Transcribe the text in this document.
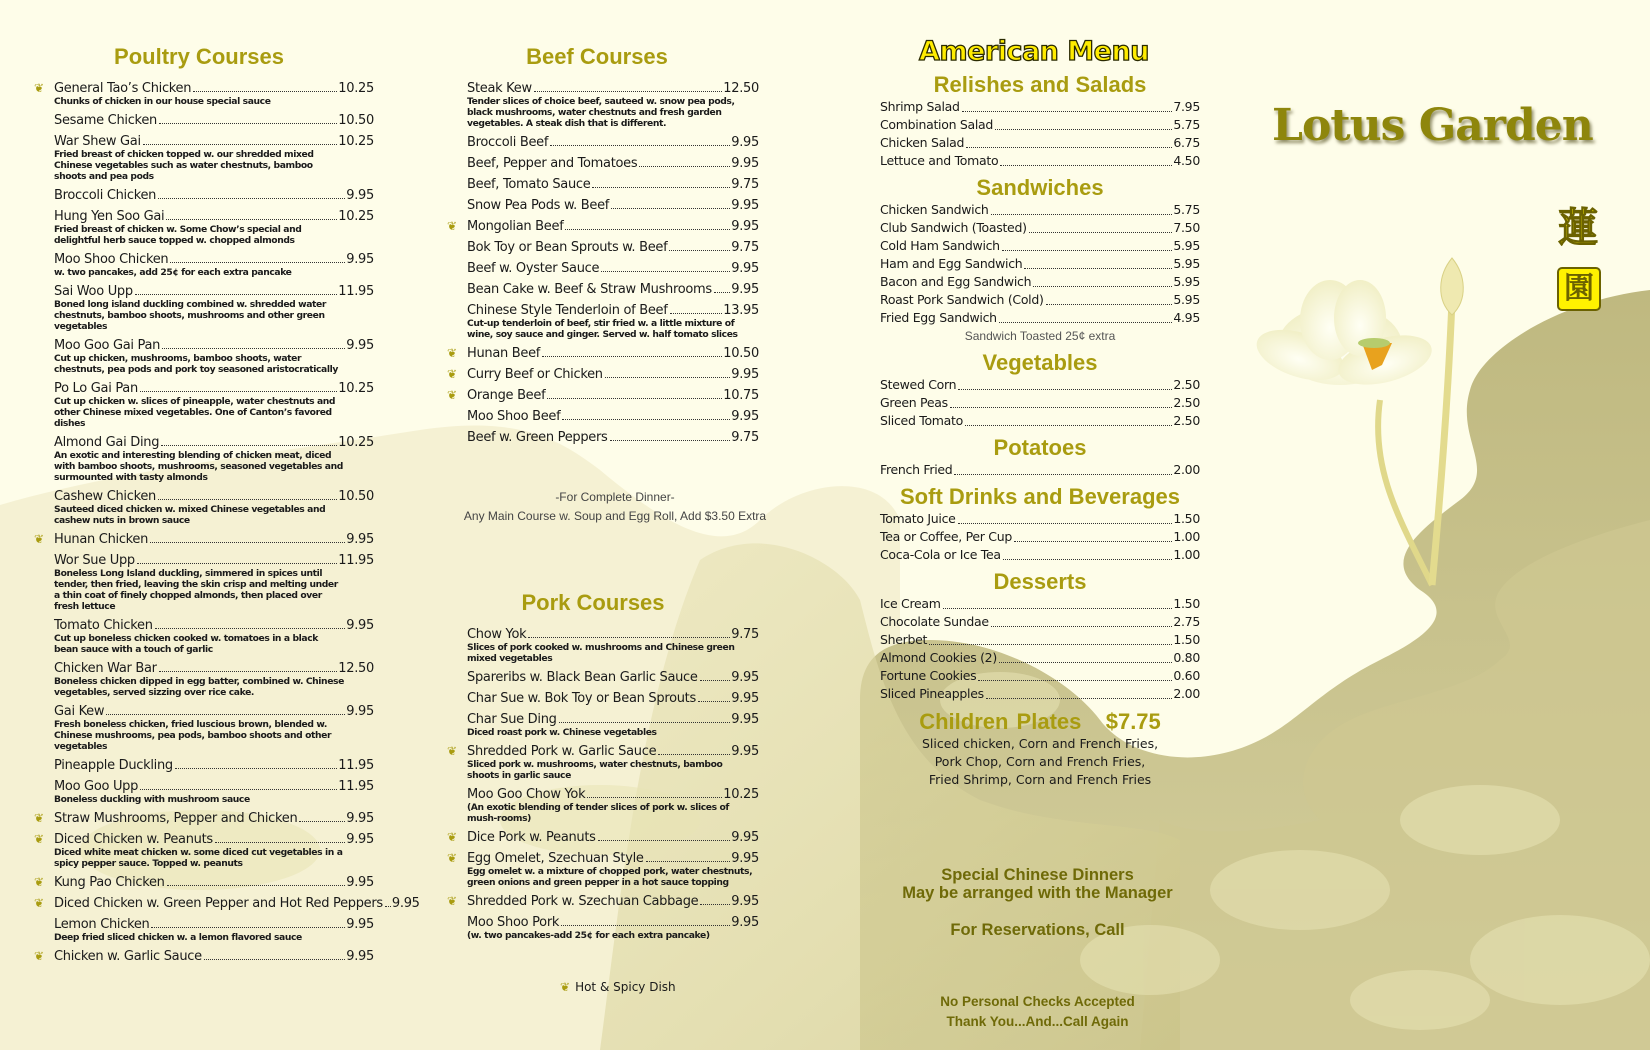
Poultry Courses
❦ General Tao’s Chicken	10.25
Chunks of chicken in our house special sauce
Sesame Chicken	10.50
War Shew Gai	10.25
Fried breast of chicken topped w. our shredded mixed Chinese vegetables such as water chestnuts, bamboo shoots and pea pods
Broccoli Chicken	9.95
Hung Yen Soo Gai	10.25
Fried breast of chicken w. Some Chow’s special and delightful herb sauce topped w. chopped almonds
Moo Shoo Chicken	9.95
w. two pancakes, add 25¢ for each extra pancake
Sai Woo Upp	11.95
Boned long island duckling combined w. shredded water chestnuts, bamboo shoots, mushrooms and other green vegetables
Moo Goo Gai Pan	9.95
Cut up chicken, mushrooms, bamboo shoots, water chestnuts, pea pods and pork toy seasoned aristocratically
Po Lo Gai Pan	10.25
Cut up chicken w. slices of pineapple, water chestnuts and other Chinese mixed vegetables. One of Canton’s favored dishes
Almond Gai Ding	10.25
An exotic and interesting blending of chicken meat, diced with bamboo shoots, mushrooms, seasoned vegetables and surmounted with tasty almonds
Cashew Chicken	10.50
Sauteed diced chicken w. mixed Chinese vegetables and cashew nuts in brown sauce
❦ Hunan Chicken	9.95
Wor Sue Upp	11.95
Boneless Long Island duckling, simmered in spices until tender, then fried, leaving the skin crisp and melting under a thin coat of finely chopped almonds, then placed over fresh lettuce
Tomato Chicken	9.95
Cut up boneless chicken cooked w. tomatoes in a black bean sauce with a touch of garlic
Chicken War Bar	12.50
Boneless chicken dipped in egg batter, combined w. Chinese vegetables, served sizzing over rice cake.
Gai Kew	9.95
Fresh boneless chicken, fried luscious brown, blended w. Chinese mushrooms, pea pods, bamboo shoots and other vegetables
Pineapple Duckling	11.95
Moo Goo Upp	11.95
Boneless duckling with mushroom sauce
❦ Straw Mushrooms, Pepper and Chicken	9.95
❦ Diced Chicken w. Peanuts	9.95
Diced white meat chicken w. some diced cut vegetables in a spicy pepper sauce. Topped w. peanuts
❦ Kung Pao Chicken	9.95
❦ Diced Chicken w. Green Pepper and Hot Red Peppers 9.95
Lemon Chicken	9.95
Deep fried sliced chicken w. a lemon flavored sauce
❦ Chicken w. Garlic Sauce	9.95
Beef Courses
Steak Kew	12.50
Tender slices of choice beef, sauteed w. snow pea pods, black mushrooms, water chestnuts and fresh garden vegetables. A steak dish that is different.
Broccoli Beef	9.95
Beef, Pepper and Tomatoes	9.95
Beef, Tomato Sauce	9.75
Snow Pea Pods w. Beef	9.95
❦ Mongolian Beef	9.95
Bok Toy or Bean Sprouts w. Beef	9.75
Beef w. Oyster Sauce	9.95
Bean Cake w. Beef & Straw Mushrooms 9.95
Chinese Style Tenderloin of Beef	13.95
Cut-up tenderloin of beef, stir fried w. a little mixture of wine, soy sauce and ginger. Served w. half tomato slices
❦ Hunan Beef	10.50
❦ Curry Beef or Chicken	9.95
❦ Orange Beef	10.75
Moo Shoo Beef	9.95
Beef w. Green Peppers	9.75
-For Complete Dinner-
Any Main Course w. Soup and Egg Roll, Add $3.50 Extra
Pork Courses
Chow Yok	9.75
Slices of pork cooked w. mushrooms and Chinese green mixed vegetables
Spareribs w. Black Bean Garlic Sauce	9.95
Char Sue w. Bok Toy or Bean Sprouts	9.95
Char Sue Ding	9.95
Diced roast pork w. Chinese vegetables
❦ Shredded Pork w. Garlic Sauce	9.95
Sliced pork w. mushrooms, water chestnuts, bamboo shoots in garlic sauce
Moo Goo Chow Yok	10.25
(An exotic blending of tender slices of pork w. slices of mush-rooms)
❦ Dice Pork w. Peanuts	9.95
❦ Egg Omelet, Szechuan Style	9.95
Egg omelet w. a mixture of chopped pork, water chestnuts, green onions and green pepper in a hot sauce topping
❦ Shredded Pork w. Szechuan Cabbage	9.95
Moo Shoo Pork	9.95
(w. two pancakes-add 25¢ for each extra pancake)
❦ Hot & Spicy Dish
American Menu
Relishes and Salads
Shrimp Salad	7.95
Combination Salad	5.75
Chicken Salad	6.75
Lettuce and Tomato	4.50
Sandwiches
Chicken Sandwich	5.75
Club Sandwich (Toasted)	7.50
Cold Ham Sandwich	5.95
Ham and Egg Sandwich	5.95
Bacon and Egg Sandwich	5.95
Roast Pork Sandwich (Cold)	5.95
Fried Egg Sandwich	4.95
Sandwich Toasted 25¢ extra
Vegetables
Stewed Corn	2.50
Green Peas	2.50
Sliced Tomato	2.50
Potatoes
French Fried	2.00
Soft Drinks and Beverages
Tomato Juice	1.50
Tea or Coffee, Per Cup	1.00
Coca-Cola or Ice Tea	1.00
Desserts
Ice Cream	1.50
Chocolate Sundae	2.75
Sherbet	1.50
Almond Cookies (2)	0.80
Fortune Cookies	0.60
Sliced Pineapples	2.00
Children Plates $7.75
Sliced chicken, Corn and French Fries,
Pork Chop, Corn and French Fries,
Fried Shrimp, Corn and French Fries
Special Chinese Dinners
May be arranged with the Manager
For Reservations, Call
No Personal Checks Accepted
Thank You...And...Call Again
Lotus Garden
蓮
園
